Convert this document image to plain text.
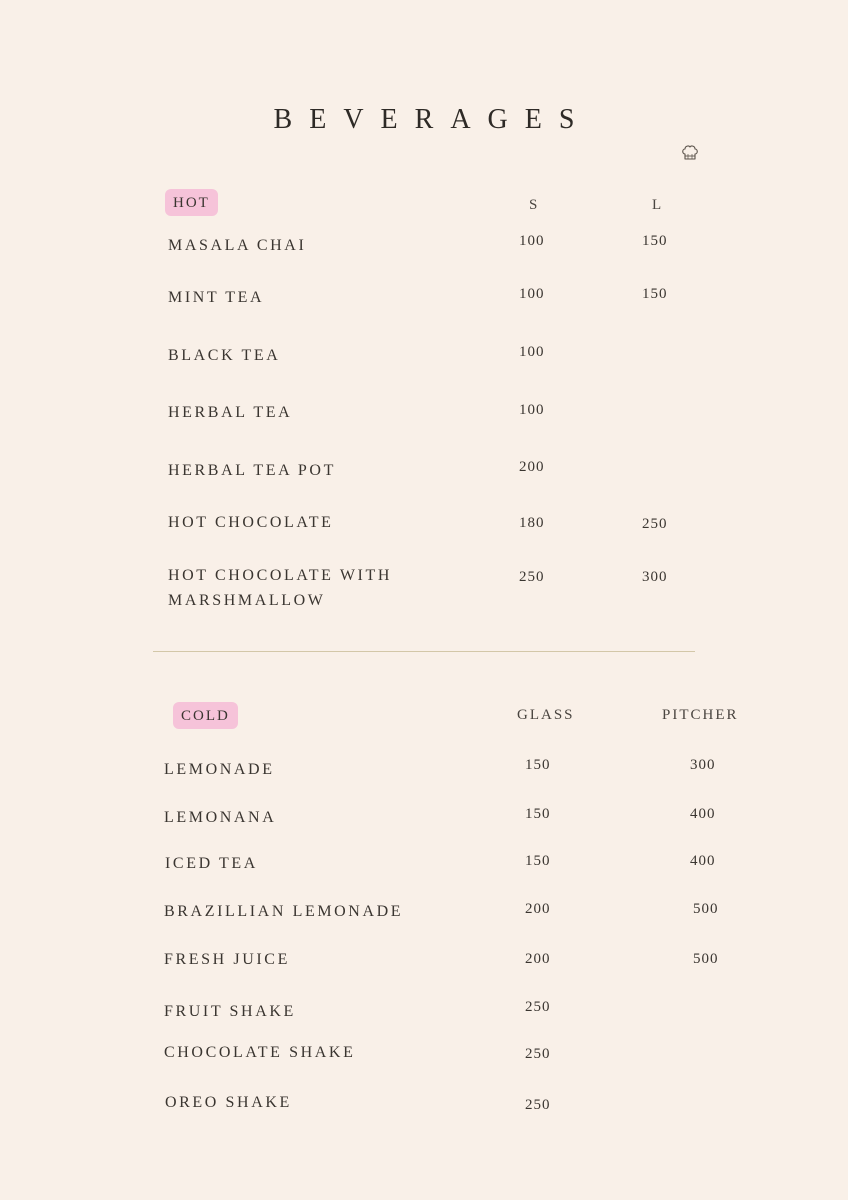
BEVERAGES
HOT	S	L
MASALA CHAI	100	150
MINT TEA	100	150
BLACK TEA	100
HERBAL TEA	100
HERBAL TEA POT	200
HOT CHOCOLATE	180	250
HOT CHOCOLATE WITH
MARSHMALLOW
250	300
COLD	GLASS	PITCHER
LEMONADE	150	300
LEMONANA	150	400
ICED TEA	150	400
BRAZILLIAN LEMONADE	200	500
FRESH JUICE	200	500
FRUIT SHAKE	250
CHOCOLATE SHAKE	250
OREO SHAKE	250
